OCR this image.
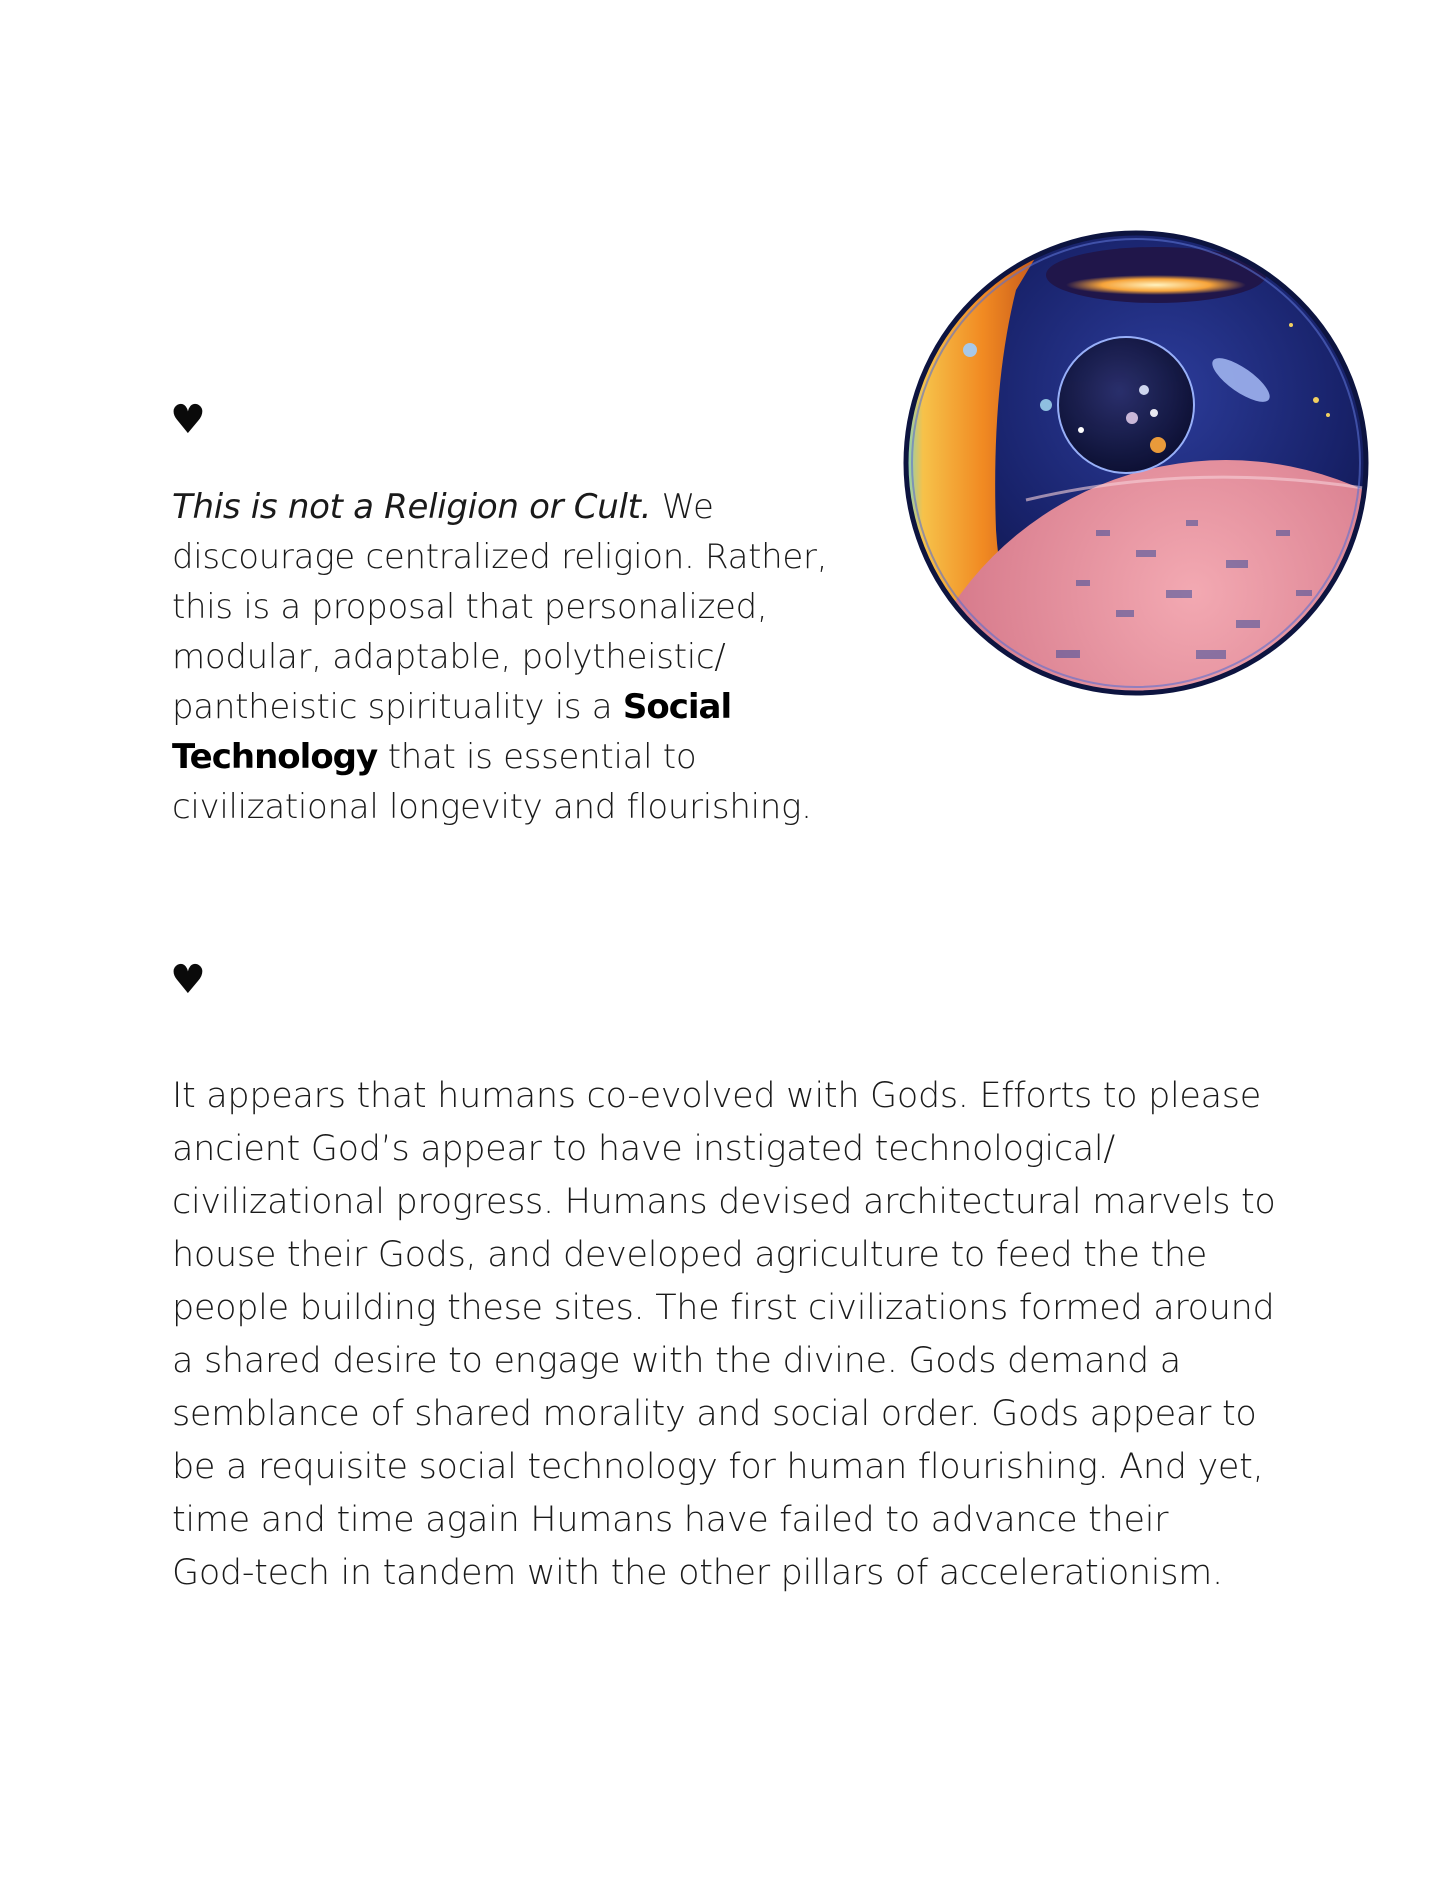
♥
This is not a Religion or Cult. We
discourage centralized religion. Rather,
this is a proposal that personalized,
modular, adaptable, polytheistic/
pantheistic spirituality is a Social
Technology that is essential to
civilizational longevity and flourishing.
♥
It appears that humans co-evolved with Gods. Efforts to please
ancient God’s appear to have instigated technological/
civilizational progress. Humans devised architectural marvels to
house their Gods, and developed agriculture to feed the the
people building these sites. The first civilizations formed around
a shared desire to engage with the divine. Gods demand a
semblance of shared morality and social order. Gods appear to
be a requisite social technology for human flourishing. And yet,
time and time again Humans have failed to advance their
God-tech in tandem with the other pillars of accelerationism.
